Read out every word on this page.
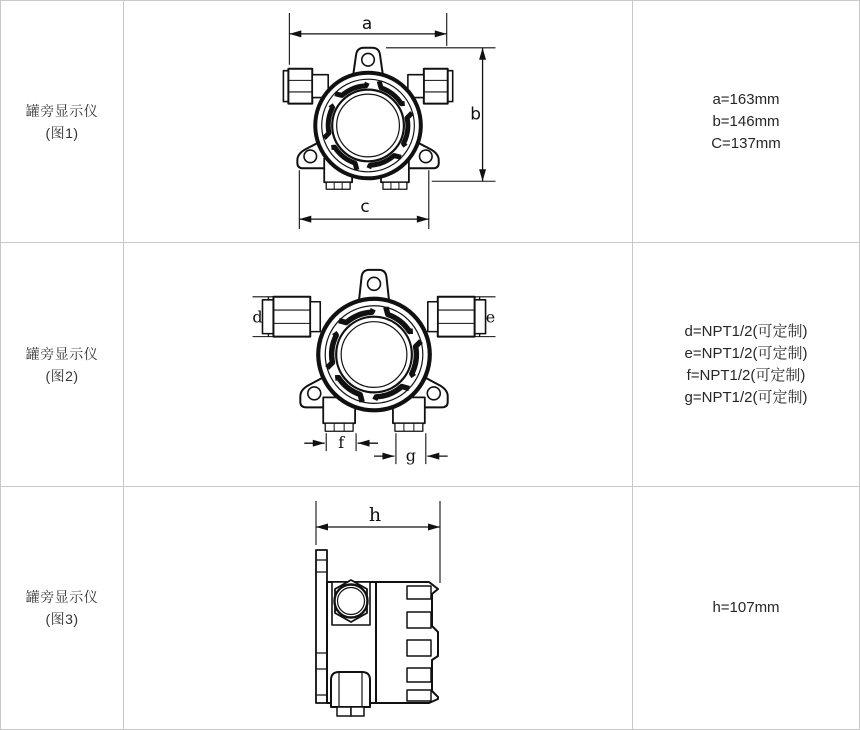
罐旁显示仪
(图1)
a
b
c
a=163mm
b=146mm
C=137mm
罐旁显示仪
(图2)
d	e
f
g
d=NPT1/2(可定制)
e=NPT1/2(可定制)
f=NPT1/2(可定制)
g=NPT1/2(可定制)
罐旁显示仪
(图3)
h
h=107mm
